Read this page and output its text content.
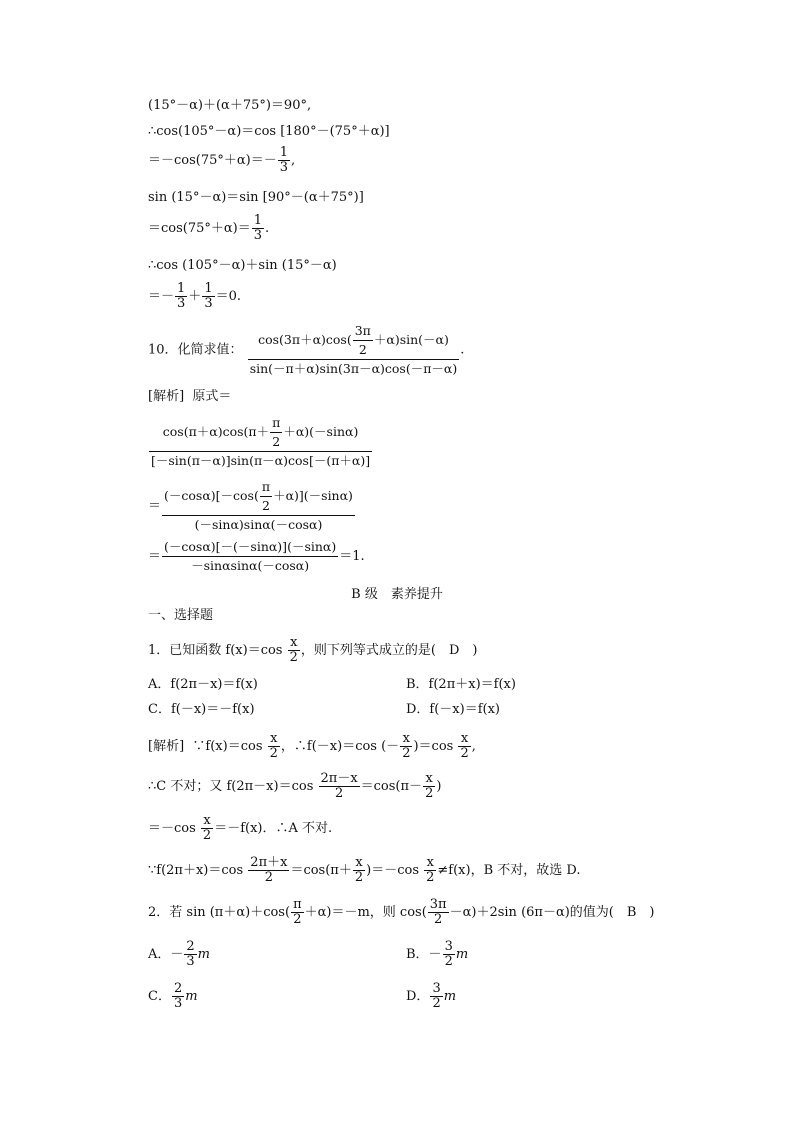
(15°－α)＋(α＋75°)＝90°,
∴cos(105°－α)＝cos [180°－(75°＋α)]
$=-\cos(75^\circ+\alpha)=- \frac{1}{3}$ ,
sin (15°－α)＝sin [90°－(α＋75°)]
$=\cos(75^\circ+\alpha)= \frac{1}{3}$ .
∴cos (105°－α)＋sin (15°－α)
＝－ $\frac{1}{3} + \frac{1}{3} =0$.
10．化简求值： $\frac{\cos(3\pi+\alpha)\cos( \frac{3\pi}{2} +\alpha)\sin(-\alpha)}{\sin(-\pi+\alpha)\sin(3\pi-\alpha)\cos(-\pi-\alpha)}$ .
[解析] 原式＝
$\frac{\cos(\pi+\alpha)\cos(\pi+ \frac{\pi}{2} +\alpha)(-\sin\alpha)}{[-\sin(\pi-\alpha)]\sin(\pi-\alpha)\cos[-(\pi+\alpha)]}$
＝ $\frac{(-\cos\alpha)[-\cos( \frac{\pi}{2} +\alpha)](-\sin\alpha)}{(-\sin\alpha)\sin\alpha(-\cos\alpha)}$
＝ $\frac{(-\cos\alpha)[-(-\sin\alpha)](-\sin\alpha)}{-\sin\alpha\sin\alpha(-\cos\alpha)} =1$.
B 级　素养提升
一、选择题
1．已知函数 $f(x)=\cos \frac{x}{2}$ ，则下列等式成立的是(　D　)
A．f(2π－x)＝f(x)	B．f(2π＋x)＝f(x)
C．f(－x)＝－f(x)	D．f(－x)＝f(x)
[解析] ∵f(x)＝cos $\frac{x}{2}$ ，∴f(－x)＝cos (－ $\frac{x}{2} )=\cos \frac{x}{2}$ ,
∴C 不对；又 $f(2\pi-x)=\cos \frac{2\pi-x}{2} =\cos(\pi- \frac{x}{2}$ )
$=-\cos \frac{x}{2} =-f(x)$．∴A 不对.
∵f(2π＋x)＝cos $\frac{2\pi+x}{2} =\cos(\pi+ \frac{x}{2} )=-\cos \frac{x}{2} \ne f(x)$，B 不对，故选 D.
2．若 $\sin (\pi+\alpha)+\cos( \frac{\pi}{2} +\alpha)=-m$，则 $\cos( \frac{3\pi}{2} -\alpha)+2\sin$ (6π－α)的值为(　B　)
A．－ $\frac{2}{3}$ m	B．－ $\frac{3}{2}$ m
C． $\frac{2}{3}$ m	D． $\frac{3}{2}$ m
